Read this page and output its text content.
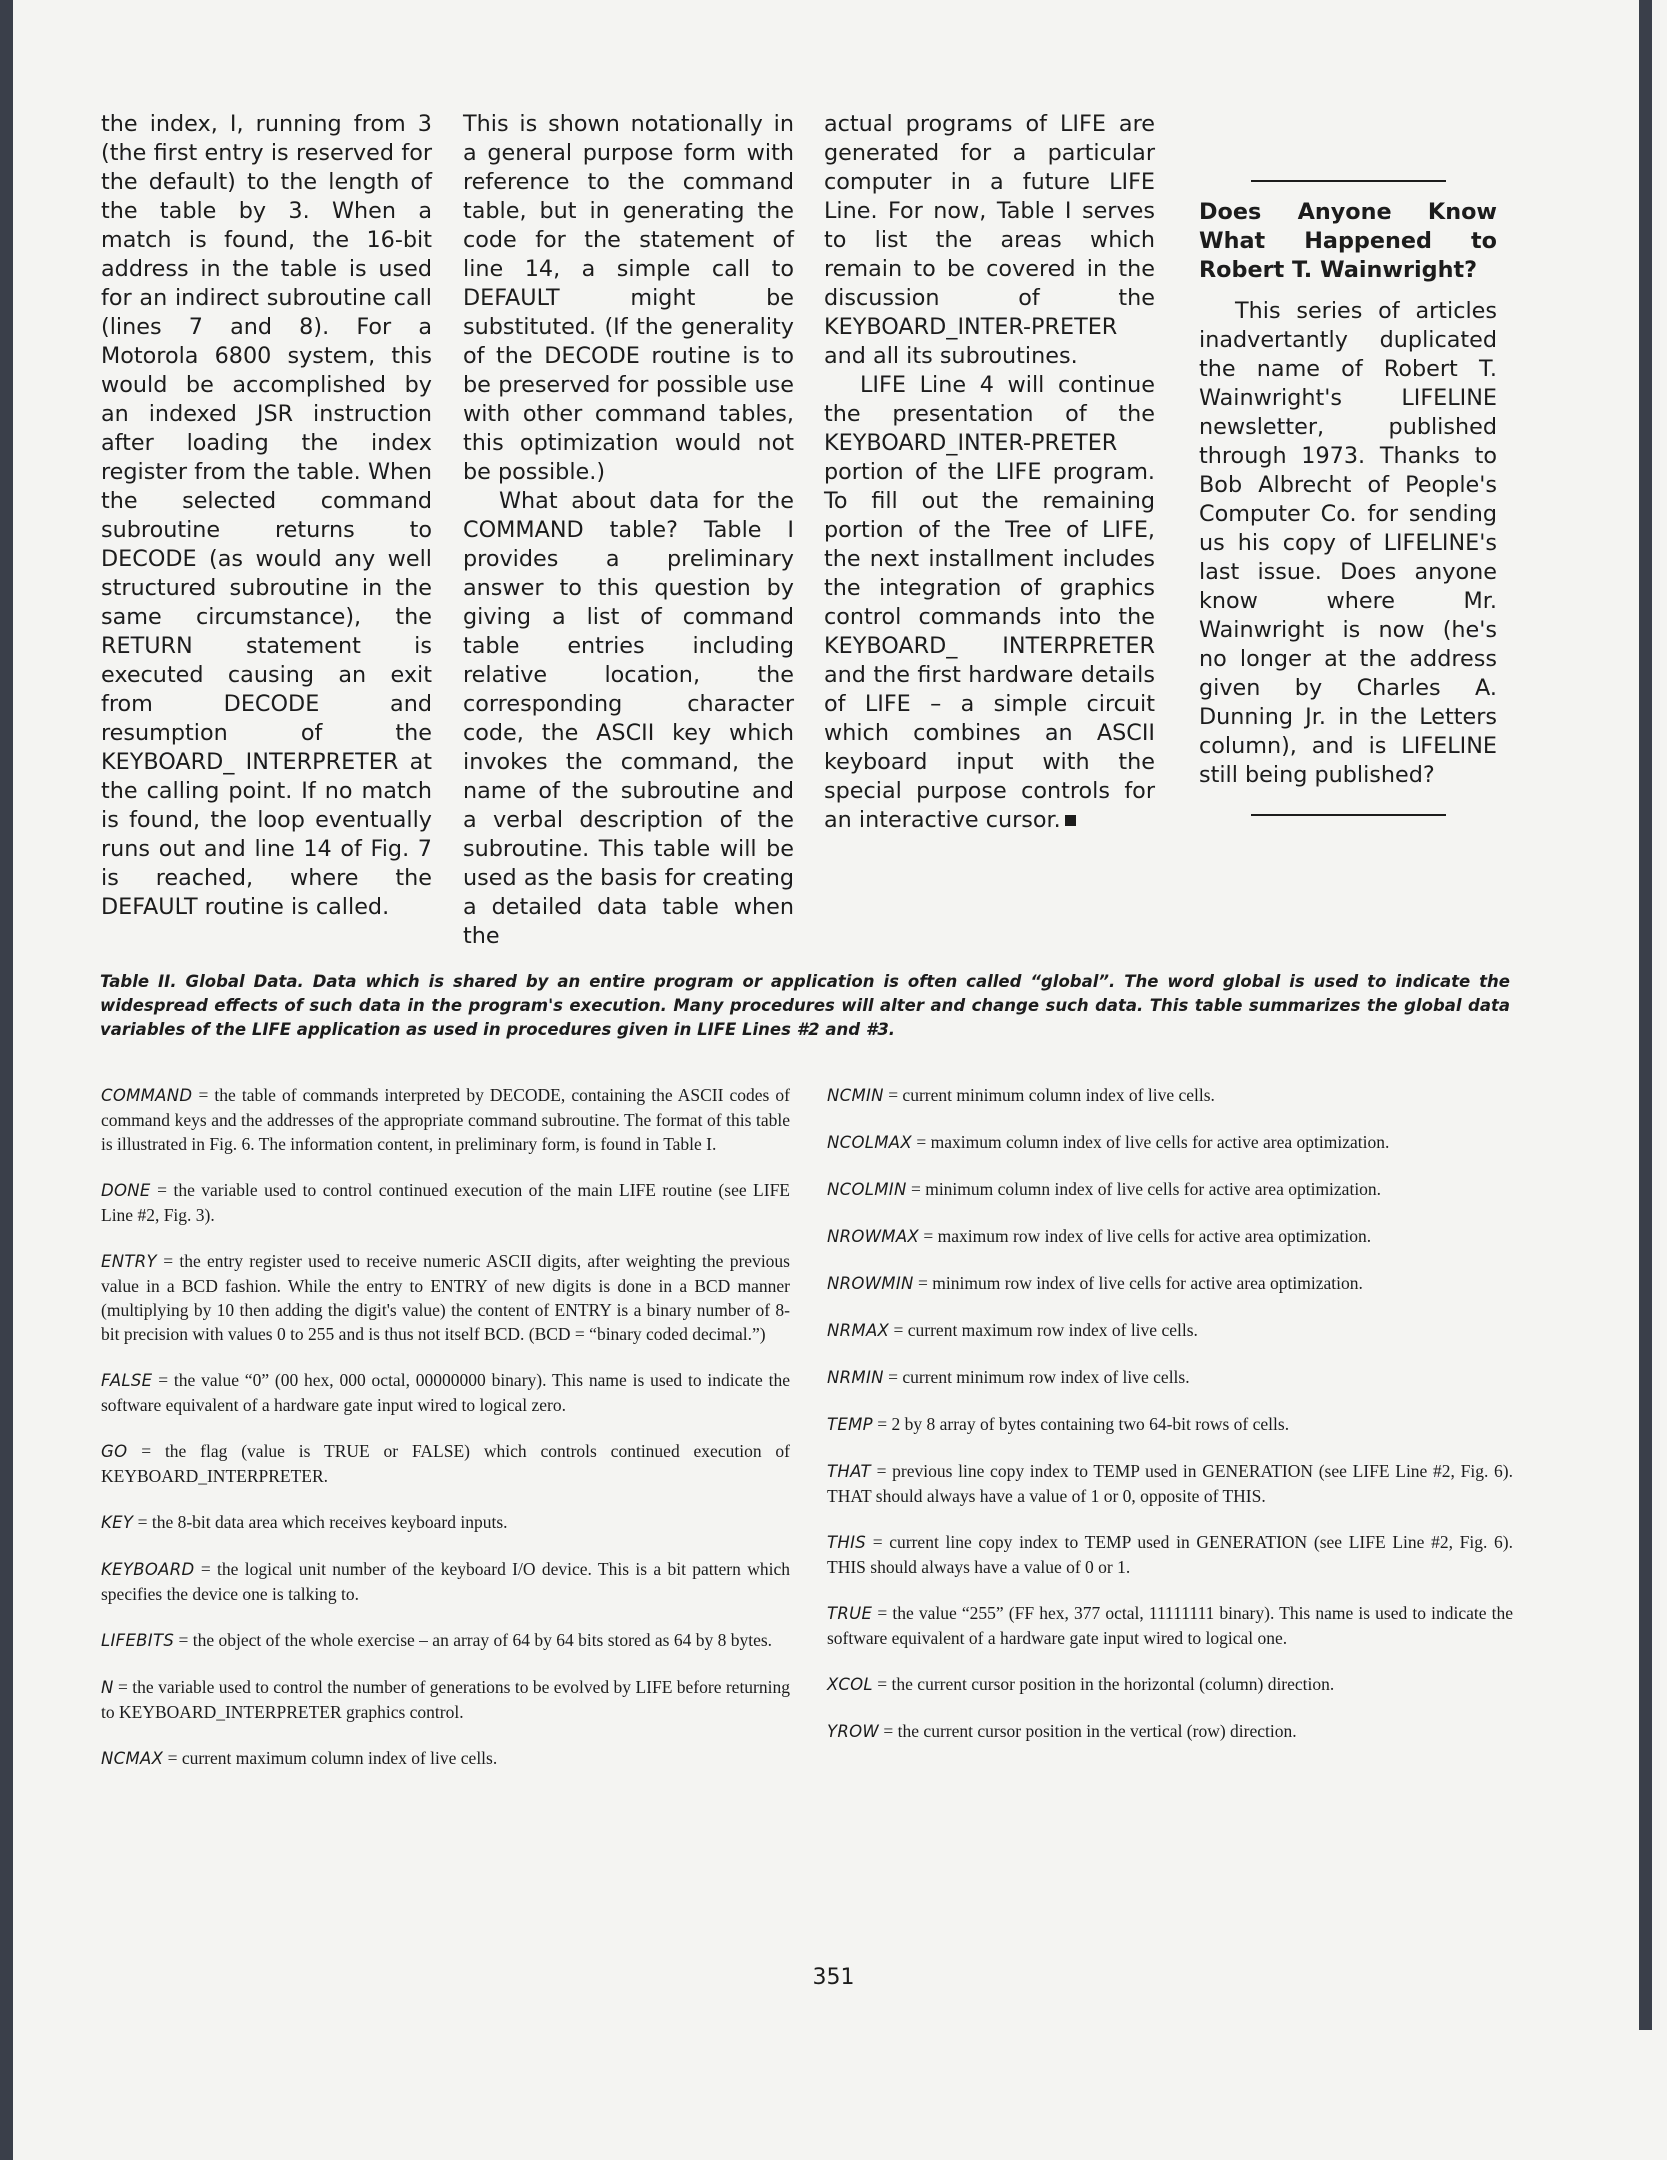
the index, I, running from 3 (the first entry is reserved for the default) to the length of the table by 3. When a match is found, the 16-bit address in the table is used for an indirect subroutine call (lines 7 and 8). For a Motorola 6800 system, this would be accomplished by an indexed JSR instruction after loading the index register from the table. When the selected command subroutine returns to DECODE (as would any well structured subroutine in the same circumstance), the RETURN statement is executed causing an exit from DECODE and resumption of the KEYBOARD_ INTERPRETER at the calling point. If no match is found, the loop eventually runs out and line 14 of Fig. 7 is reached, where the DEFAULT routine is called.

This is shown notationally in a general purpose form with reference to the command table, but in generating the code for the statement of line 14, a simple call to DEFAULT might be substituted. (If the generality of the DECODE routine is to be preserved for possible use with other command tables, this optimization would not be possible.)

What about data for the COMMAND table? Table I provides a preliminary answer to this question by giving a list of command table entries including relative location, the corresponding character code, the ASCII key which invokes the command, the name of the subroutine and a verbal description of the subroutine. This table will be used as the basis for creating a detailed data table when the

actual programs of LIFE are generated for a particular computer in a future LIFE Line. For now, Table I serves to list the areas which remain to be covered in the discussion of the KEYBOARD_INTER-PRETER and all its subroutines.

LIFE Line 4 will continue the presentation of the KEYBOARD_INTER-PRETER portion of the LIFE program. To fill out the remaining portion of the Tree of LIFE, the next installment includes the integration of graphics control commands into the KEYBOARD_ INTERPRETER and the first hardware details of LIFE – a simple circuit which combines an ASCII keyboard input with the special purpose controls for an interactive cursor.

Does Anyone Know What Happened to Robert T. Wainwright?

This series of articles inadvertantly duplicated the name of Robert T. Wainwright's LIFELINE newsletter, published through 1973. Thanks to Bob Albrecht of People's Computer Co. for sending us his copy of LIFELINE's last issue. Does anyone know where Mr. Wainwright is now (he's no longer at the address given by Charles A. Dunning Jr. in the Letters column), and is LIFELINE still being published?

Table II. Global Data. Data which is shared by an entire program or application is often called “global”. The word global is used to indicate the widespread effects of such data in the program's execution. Many procedures will alter and change such data. This table summarizes the global data variables of the LIFE application as used in procedures given in LIFE Lines #2 and #3.
COMMAND = the table of commands interpreted by DECODE, containing the ASCII codes of command keys and the addresses of the appropriate command subroutine. The format of this table is illustrated in Fig. 6. The information content, in preliminary form, is found in Table I.
DONE = the variable used to control continued execution of the main LIFE routine (see LIFE Line #2, Fig. 3).
ENTRY = the entry register used to receive numeric ASCII digits, after weighting the previous value in a BCD fashion. While the entry to ENTRY of new digits is done in a BCD manner (multiplying by 10 then adding the digit's value) the content of ENTRY is a binary number of 8-bit precision with values 0 to 255 and is thus not itself BCD. (BCD = “binary coded decimal.”)
FALSE = the value “0” (00 hex, 000 octal, 00000000 binary). This name is used to indicate the software equivalent of a hardware gate input wired to logical zero.
GO = the flag (value is TRUE or FALSE) which controls continued execution of KEYBOARD_INTERPRETER.
KEY = the 8-bit data area which receives keyboard inputs.
KEYBOARD = the logical unit number of the keyboard I/O device. This is a bit pattern which specifies the device one is talking to.
LIFEBITS = the object of the whole exercise – an array of 64 by 64 bits stored as 64 by 8 bytes.
N = the variable used to control the number of generations to be evolved by LIFE before returning to KEYBOARD_INTERPRETER graphics control.
NCMAX = current maximum column index of live cells.
NCMIN = current minimum column index of live cells.
NCOLMAX = maximum column index of live cells for active area optimization.
NCOLMIN = minimum column index of live cells for active area optimization.
NROWMAX = maximum row index of live cells for active area optimization.
NROWMIN = minimum row index of live cells for active area optimization.
NRMAX = current maximum row index of live cells.
NRMIN = current minimum row index of live cells.
TEMP = 2 by 8 array of bytes containing two 64-bit rows of cells.
THAT = previous line copy index to TEMP used in GENERATION (see LIFE Line #2, Fig. 6). THAT should always have a value of 1 or 0, opposite of THIS.
THIS = current line copy index to TEMP used in GENERATION (see LIFE Line #2, Fig. 6). THIS should always have a value of 0 or 1.
TRUE = the value “255” (FF hex, 377 octal, 11111111 binary). This name is used to indicate the software equivalent of a hardware gate input wired to logical one.
XCOL = the current cursor position in the horizontal (column) direction.
YROW = the current cursor position in the vertical (row) direction.
351
